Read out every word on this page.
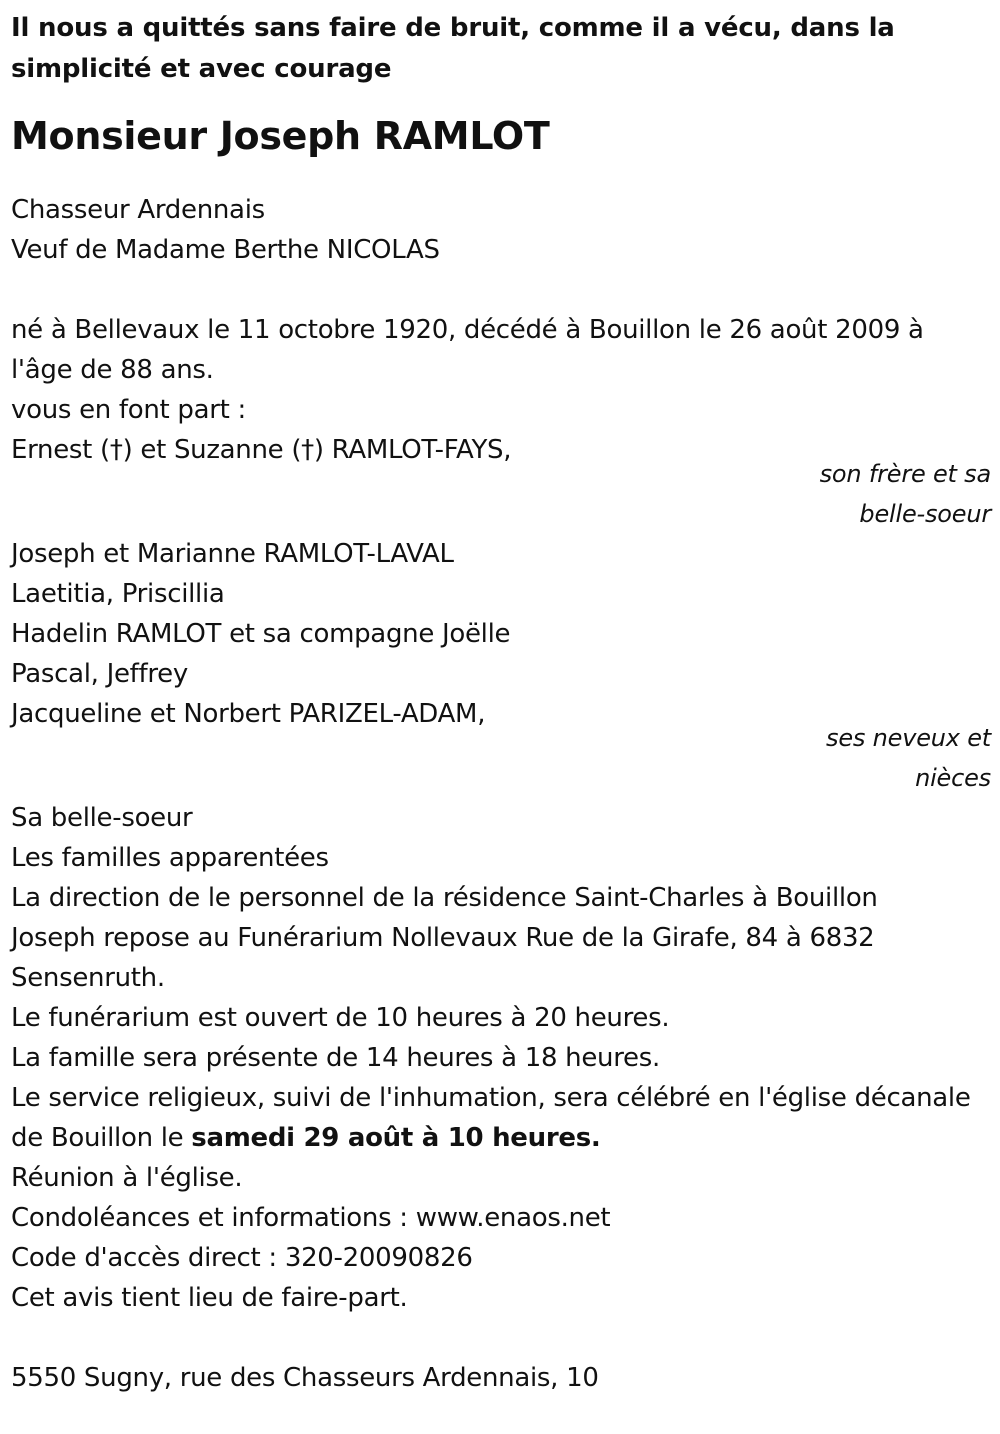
Il nous a quittés sans faire de bruit, comme il a vécu, dans la simplicité et avec courage

Monsieur Joseph RAMLOT
Chasseur Ardennais
Veuf de Madame Berthe NICOLAS
né à Bellevaux le 11 octobre 1920, décédé à Bouillon le 26 août 2009 à l'âge de 88 ans.
vous en font part :
Ernest (†) et Suzanne (†) RAMLOT-FAYS,
son frère et sa
belle-soeur
Joseph et Marianne RAMLOT-LAVAL
Laetitia, Priscillia
Hadelin RAMLOT et sa compagne Joëlle
Pascal, Jeffrey
Jacqueline et Norbert PARIZEL-ADAM,
ses neveux et
nièces
Sa belle-soeur
Les familles apparentées
La direction de le personnel de la résidence Saint-Charles à Bouillon
Joseph repose au Funérarium Nollevaux Rue de la Girafe, 84 à 6832 Sensenruth.
Le funérarium est ouvert de 10 heures à 20 heures.
La famille sera présente de 14 heures à 18 heures.
Le service religieux, suivi de l'inhumation, sera célébré en l'église décanale de Bouillon le samedi 29 août à 10 heures.
Réunion à l'église.
Condoléances et informations : www.enaos.net
Code d'accès direct : 320-20090826
Cet avis tient lieu de faire-part.
5550 Sugny, rue des Chasseurs Ardennais, 10
